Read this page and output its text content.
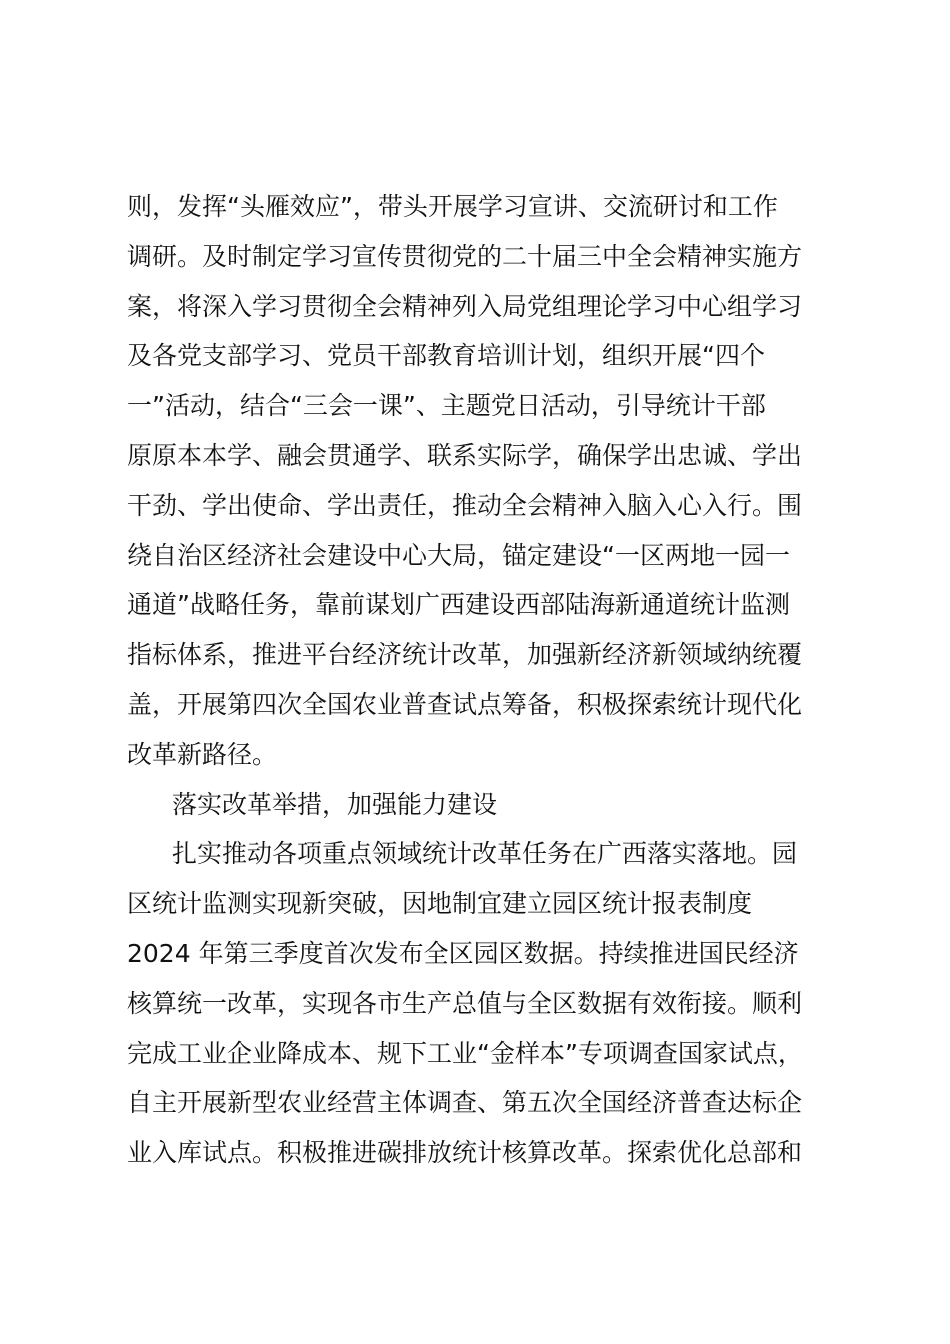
则，发挥“头雁效应”，带头开展学习宣讲、交流研讨和工作
调研。及时制定学习宣传贯彻党的二十届三中全会精神实施方
案，将深入学习贯彻全会精神列入局党组理论学习中心组学习
及各党支部学习、党员干部教育培训计划，组织开展“四个
一”活动，结合“三会一课”、主题党日活动，引导统计干部
原原本本学、融会贯通学、联系实际学，确保学出忠诚、学出
干劲、学出使命、学出责任，推动全会精神入脑入心入行。围
绕自治区经济社会建设中心大局，锚定建设“一区两地一园一
通道”战略任务，靠前谋划广西建设西部陆海新通道统计监测
指标体系，推进平台经济统计改革，加强新经济新领域纳统覆
盖，开展第四次全国农业普查试点筹备，积极探索统计现代化
改革新路径。
落实改革举措，加强能力建设
扎实推动各项重点领域统计改革任务在广西落实落地。园
区统计监测实现新突破，因地制宜建立园区统计报表制度
2024 年第三季度首次发布全区园区数据。持续推进国民经济
核算统一改革，实现各市生产总值与全区数据有效衔接。顺利
完成工业企业降成本、规下工业“金样本”专项调查国家试点，
自主开展新型农业经营主体调查、第五次全国经济普查达标企
业入库试点。积极推进碳排放统计核算改革。探索优化总部和
